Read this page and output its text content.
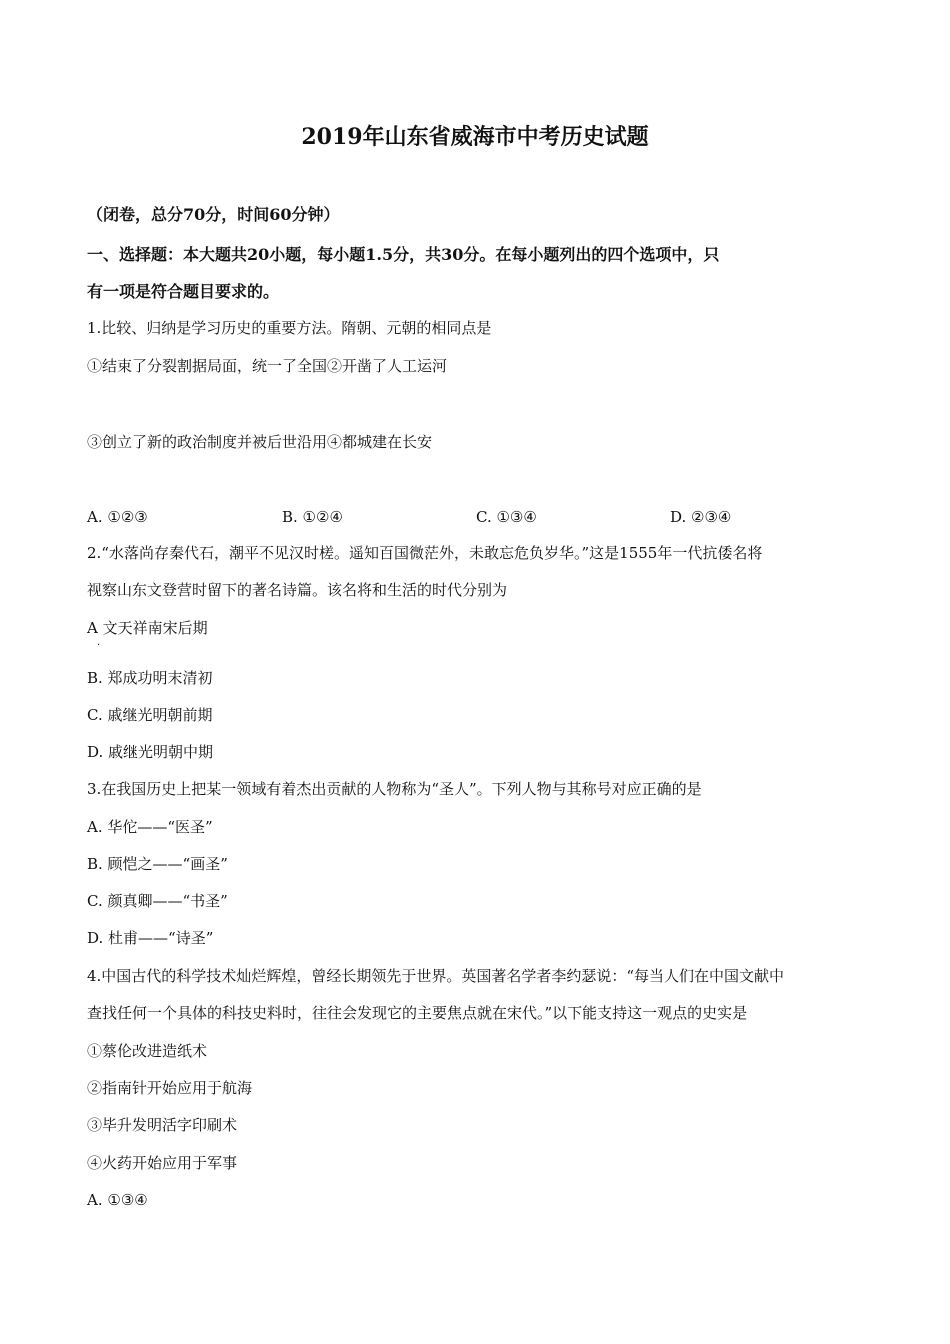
2019年山东省威海市中考历史试题
（闭卷，总分70分，时间60分钟）
一、选择题：本大题共20小题，每小题1.5分，共30分。在每小题列出的四个选项中，只
有一项是符合题目要求的。
1.比较、归纳是学习历史的重要方法。隋朝、元朝的相同点是
①结束了分裂割据局面，统一了全国②开凿了人工运河
③创立了新的政治制度并被后世沿用④都城建在长安
A. ①②③	B. ①②④	C. ①③④	D. ②③④
2.“水落尚存秦代石，潮平不见汉时槎。遥知百国微茫外，未敢忘危负岁华。”这是1555年一代抗倭名将
视察山东文登营时留下的著名诗篇。该名将和生活的时代分别为
A 文天祥南宋后期
·
B. 郑成功明末清初
C. 戚继光明朝前期
D. 戚继光明朝中期
3.在我国历史上把某一领域有着杰出贡献的人物称为“圣人”。下列人物与其称号对应正确的是
A. 华佗——“医圣”
B. 顾恺之——“画圣”
C. 颜真卿——“书圣”
D. 杜甫——“诗圣”
4.中国古代的科学技术灿烂辉煌，曾经长期领先于世界。英国著名学者李约瑟说：“每当人们在中国文献中
查找任何一个具体的科技史料时，往往会发现它的主要焦点就在宋代。”以下能支持这一观点的史实是
①蔡伦改进造纸术
②指南针开始应用于航海
③毕升发明活字印刷术
④火药开始应用于军事
A. ①③④
